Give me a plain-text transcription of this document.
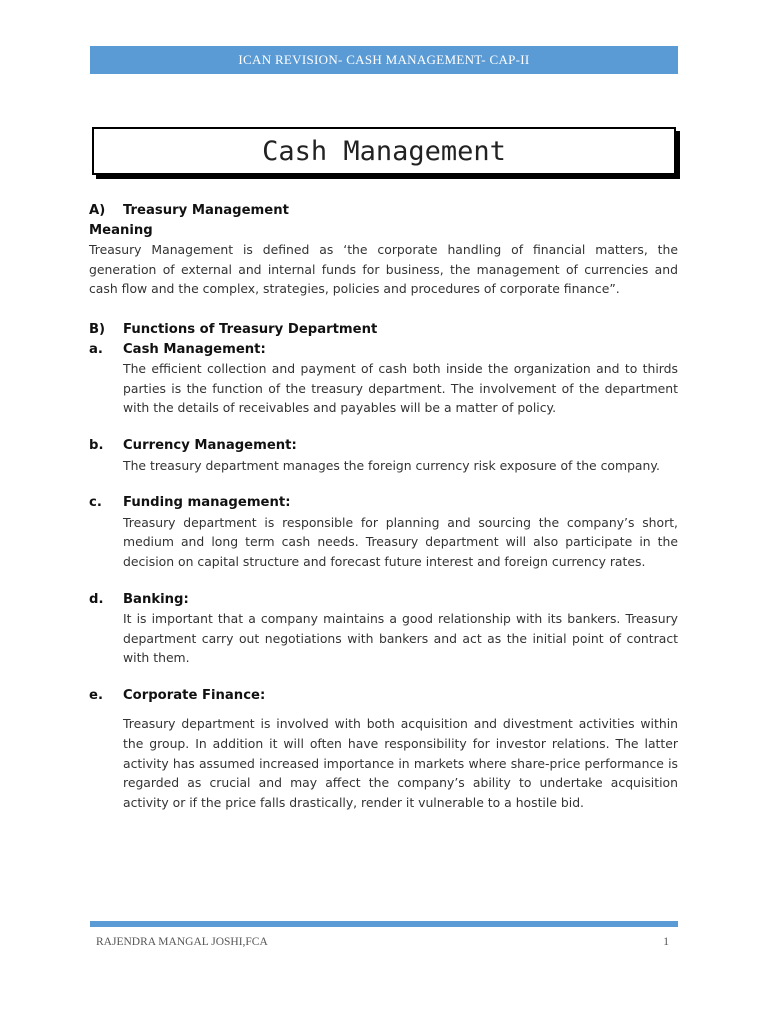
ICAN REVISION- CASH MANAGEMENT- CAP-II
Cash Management
A)	Treasury Management
Meaning

Treasury Management is defined as ‘the corporate handling of financial matters, the generation of external and internal funds for business, the management of currencies and cash flow and the complex, strategies, policies and procedures of corporate finance”.

B)	Functions of Treasury Department
a.	Cash Management:

The efficient collection and payment of cash both inside the organization and to thirds parties is the function of the treasury department. The involvement of the department with the details of receivables and payables will be a matter of policy.

b.	Currency Management:

The treasury department manages the foreign currency risk exposure of the company.

c.	Funding management:

Treasury department is responsible for planning and sourcing the company’s short, medium and long term cash needs. Treasury department will also participate in the decision on capital structure and forecast future interest and foreign currency rates.

d.	Banking:

It is important that a company maintains a good relationship with its bankers. Treasury department carry out negotiations with bankers and act as the initial point of contract with them.

e.	Corporate Finance:

Treasury department is involved with both acquisition and divestment activities within the group. In addition it will often have responsibility for investor relations. The latter activity has assumed increased importance in markets where share-price performance is regarded as crucial and may affect the company’s ability to undertake acquisition activity or if the price falls drastically, render it vulnerable to a hostile bid.

RAJENDRA MANGAL JOSHI,FCA	1
